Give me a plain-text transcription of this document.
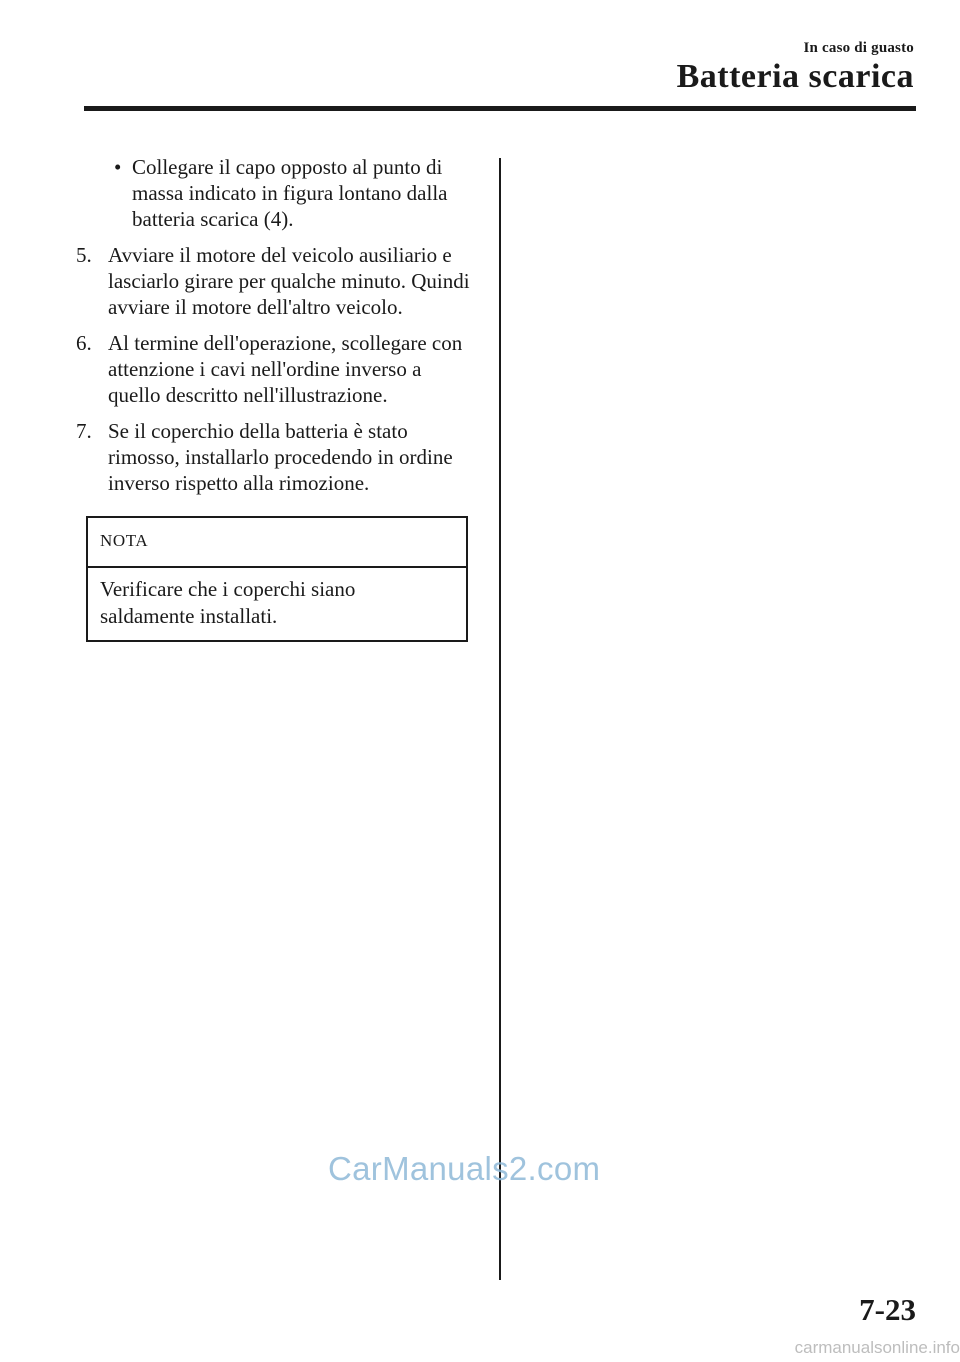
In caso di guasto
Batteria scarica
• Collegare il capo opposto al punto di massa indicato in figura lontano dalla batteria scarica (4).
5. Avviare il motore del veicolo ausiliario e lasciarlo girare per qualche minuto. Quindi avviare il motore dell'altro veicolo.
6. Al termine dell'operazione, scollegare con attenzione i cavi nell'ordine inverso a quello descritto nell'illustrazione.
7. Se il coperchio della batteria è stato rimosso, installarlo procedendo in ordine inverso rispetto alla rimozione.
NOTA
Verificare che i coperchi siano saldamente installati.
CarManuals2.com
7-23
carmanualsonline.info
